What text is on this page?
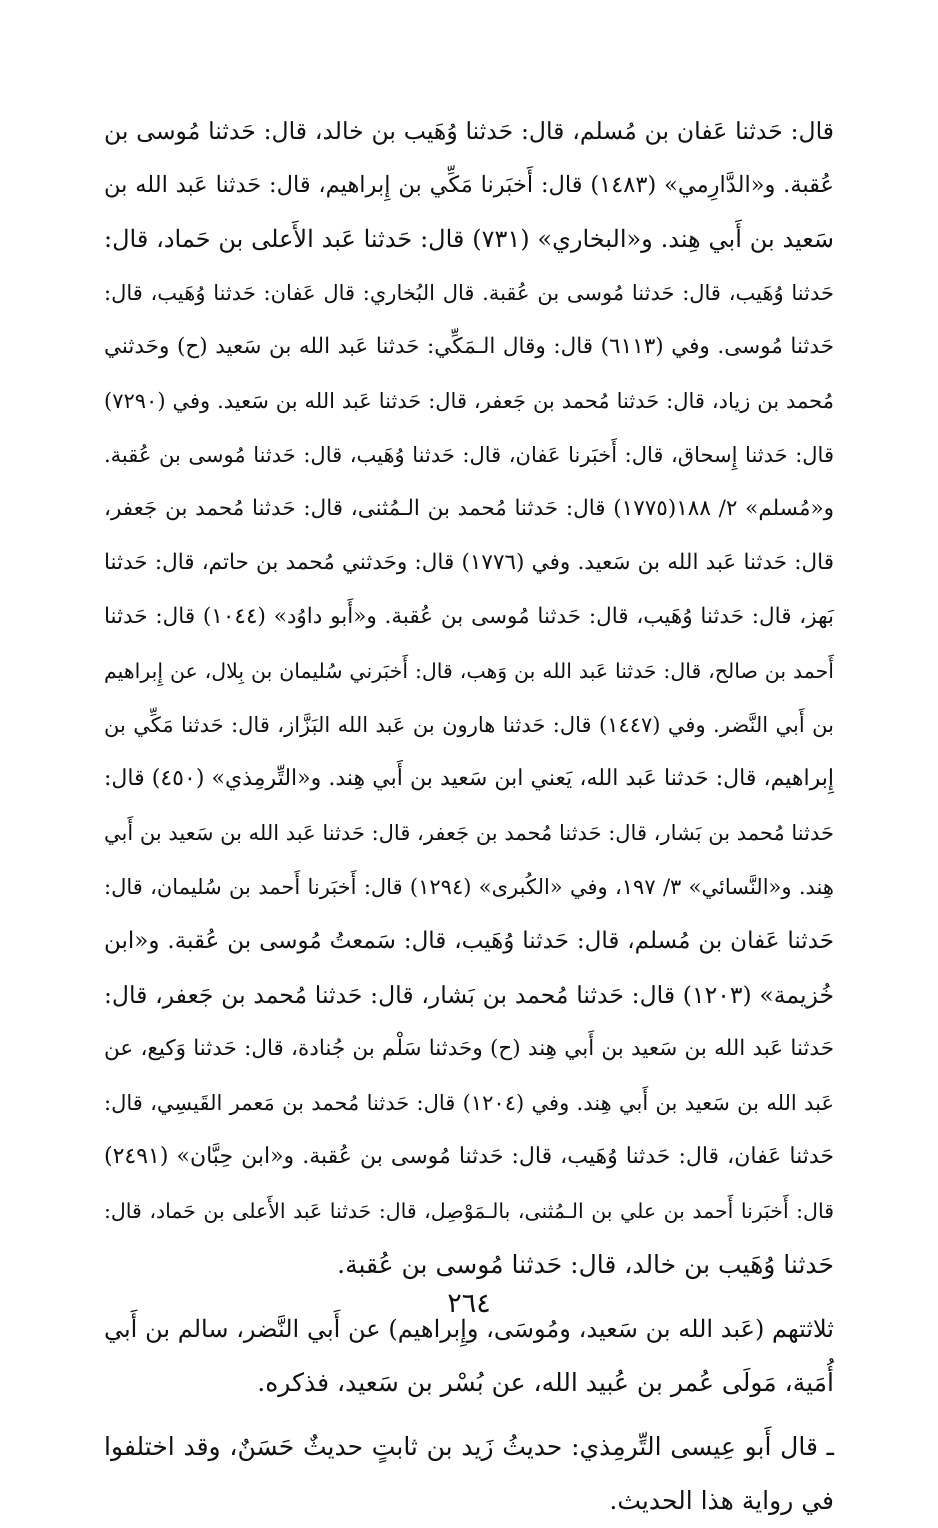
قال: حَدثنا عَفان بن مُسلم، قال: حَدثنا وُهَيب بن خالد، قال: حَدثنا مُوسى بن
عُقبة. و«الدَّارِمي» (١٤٨٣) قال: أَخبَرنا مَكِّي بن إِبراهيم، قال: حَدثنا عَبد الله بن
سَعيد بن أَبي هِند. و«البخاري» (٧٣١) قال: حَدثنا عَبد الأَعلى بن حَماد، قال:
حَدثنا وُهَيب، قال: حَدثنا مُوسى بن عُقبة. قال البُخاري: قال عَفان: حَدثنا وُهَيب، قال:
حَدثنا مُوسى. وفي (٦١١٣) قال: وقال الـمَكِّي: حَدثنا عَبد الله بن سَعيد (ح) وحَدثني
مُحمد بن زياد، قال: حَدثنا مُحمد بن جَعفر، قال: حَدثنا عَبد الله بن سَعيد. وفي (٧٢٩٠)
قال: حَدثنا إِسحاق، قال: أَخبَرنا عَفان، قال: حَدثنا وُهَيب، قال: حَدثنا مُوسى بن عُقبة.
و«مُسلم» ٢/ ١٨٨(١٧٧٥) قال: حَدثنا مُحمد بن الـمُثنى، قال: حَدثنا مُحمد بن جَعفر،
قال: حَدثنا عَبد الله بن سَعيد. وفي (١٧٧٦) قال: وحَدثني مُحمد بن حاتم، قال: حَدثنا
بَهز، قال: حَدثنا وُهَيب، قال: حَدثنا مُوسى بن عُقبة. و«أَبو داوُد» (١٠٤٤) قال: حَدثنا
أَحمد بن صالح، قال: حَدثنا عَبد الله بن وَهب، قال: أَخبَرني سُليمان بن بِلال، عن إِبراهيم
بن أَبي النَّضر. وفي (١٤٤٧) قال: حَدثنا هارون بن عَبد الله البَزَّاز، قال: حَدثنا مَكِّي بن
إِبراهيم، قال: حَدثنا عَبد الله، يَعني ابن سَعيد بن أَبي هِند. و«التِّرمِذي» (٤٥٠) قال:
حَدثنا مُحمد بن بَشار، قال: حَدثنا مُحمد بن جَعفر، قال: حَدثنا عَبد الله بن سَعيد بن أَبي
هِند. و«النَّسائي» ٣/ ١٩٧، وفي «الكُبرى» (١٢٩٤) قال: أَخبَرنا أَحمد بن سُليمان، قال:
حَدثنا عَفان بن مُسلم، قال: حَدثنا وُهَيب، قال: سَمعتُ مُوسى بن عُقبة. و«ابن
خُزيمة» (١٢٠٣) قال: حَدثنا مُحمد بن بَشار، قال: حَدثنا مُحمد بن جَعفر، قال:
حَدثنا عَبد الله بن سَعيد بن أَبي هِند (ح) وحَدثنا سَلْم بن جُنادة، قال: حَدثنا وَكيع، عن
عَبد الله بن سَعيد بن أَبي هِند. وفي (١٢٠٤) قال: حَدثنا مُحمد بن مَعمر القَيسِي، قال:
حَدثنا عَفان، قال: حَدثنا وُهَيب، قال: حَدثنا مُوسى بن عُقبة. و«ابن حِبَّان» (٢٤٩١)
قال: أَخبَرنا أَحمد بن علي بن الـمُثنى، بالـمَوْصِل، قال: حَدثنا عَبد الأَعلى بن حَماد، قال:
حَدثنا وُهَيب بن خالد، قال: حَدثنا مُوسى بن عُقبة.
ثلاثتهم (عَبد الله بن سَعيد، ومُوسَى، وإِبراهيم) عن أَبي النَّضر، سالم بن أَبي
أُمَية، مَولَى عُمر بن عُبيد الله، عن بُسْر بن سَعيد، فذكره.
ـ قال أَبو عِيسى التِّرمِذي: حديثُ زَيد بن ثابتٍ حديثٌ حَسَنٌ، وقد اختلفوا
في رواية هذا الحديث.
٢٦٤
